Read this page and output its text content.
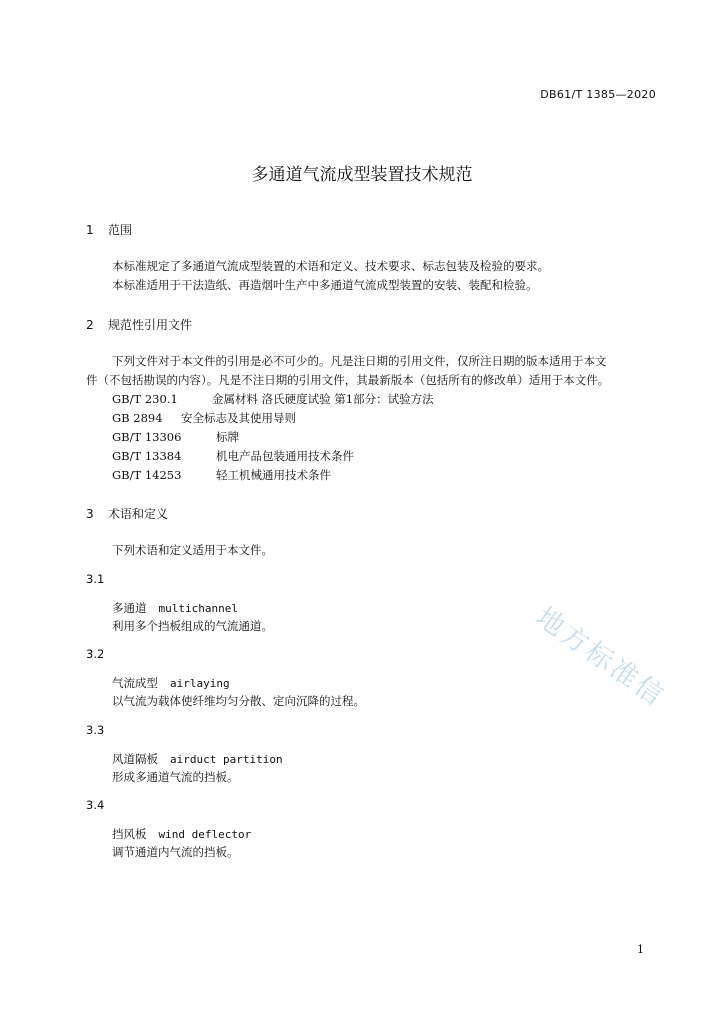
DB61/T 1385—2020
多通道气流成型装置技术规范
1 范围
本标准规定了多通道气流成型装置的术语和定义、技术要求、标志包装及检验的要求。
本标准适用于干法造纸、再造烟叶生产中多通道气流成型装置的安装、装配和检验。
2 规范性引用文件
下列文件对于本文件的引用是必不可少的。凡是注日期的引用文件，仅所注日期的版本适用于本文
件（不包括勘误的内容）。凡是不注日期的引用文件，其最新版本（包括所有的修改单）适用于本文件。
GB/T 230.1	金属材料 洛氏硬度试验 第1部分：试验方法
GB 2894 安全标志及其使用导则
GB/T 13306	标牌
GB/T 13384	机电产品包装通用技术条件
GB/T 14253	轻工机械通用技术条件
3 术语和定义
下列术语和定义适用于本文件。
3.1
多通道 multichannel
利用多个挡板组成的气流通道。
3.2
气流成型 airlaying
以气流为载体使纤维均匀分散、定向沉降的过程。
3.3
风道隔板 airduct partition
形成多通道气流的挡板。
3.4
挡风板 wind deflector
调节通道内气流的挡板。
地方标准信
1
